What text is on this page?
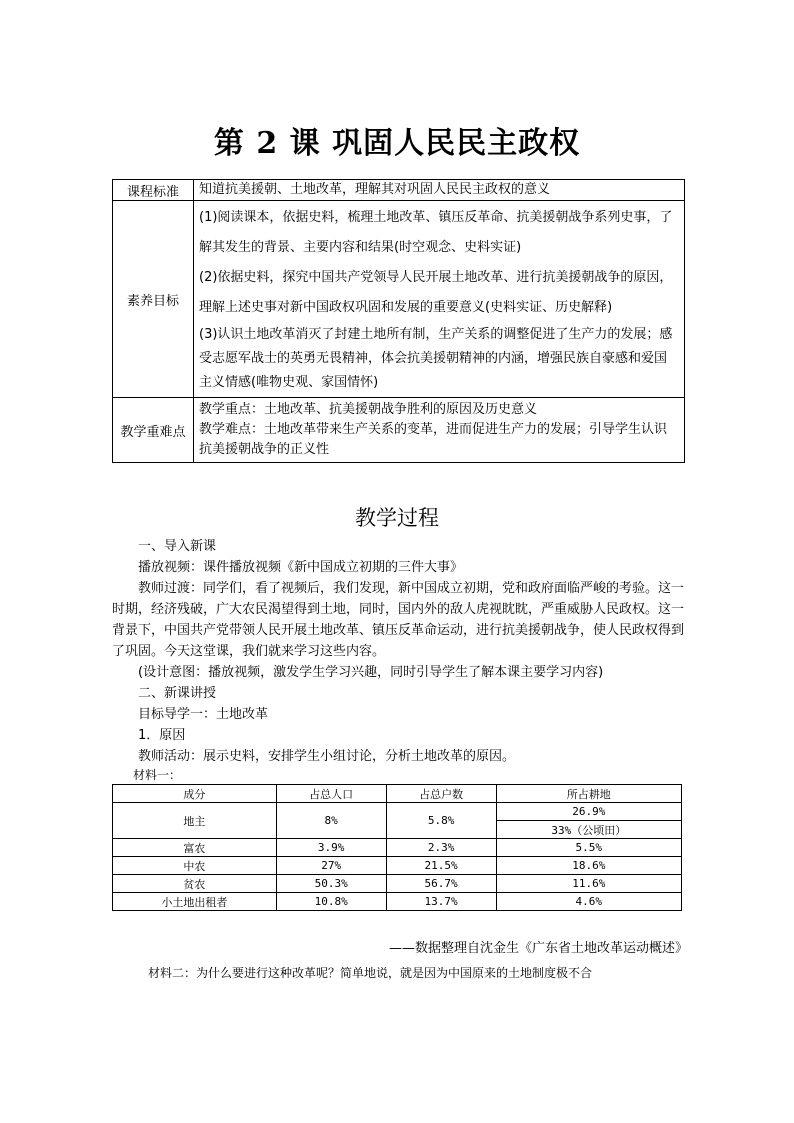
第 2 课 巩固人民民主政权
课程标准	知道抗美援朝、土地改革，理解其对巩固人民民主政权的意义
素养目标	(1)阅读课本，依据史料，梳理土地改革、镇压反革命、抗美援朝战争系列史事，了解其发生的背景、主要内容和结果(时空观念、史料实证)

(2)依据史料，探究中国共产党领导人民开展土地改革、进行抗美援朝战争的原因，理解上述史事对新中国政权巩固和发展的重要意义(史料实证、历史解释)

(3)认识土地改革消灭了封建土地所有制，生产关系的调整促进了生产力的发展；感受志愿军战士的英勇无畏精神，体会抗美援朝精神的内涵，增强民族自豪感和爱国主义情感(唯物史观、家国情怀)

教学重难点	教学重点：土地改革、抗美援朝战争胜利的原因及历史意义

教学难点：土地改革带来生产关系的变革，进而促进生产力的发展；引导学生认识抗美援朝战争的正义性

教学过程

一、导入新课

播放视频：课件播放视频《新中国成立初期的三件大事》

教师过渡：同学们，看了视频后，我们发现，新中国成立初期，党和政府面临严峻的考验。这一时期，经济残破，广大农民渴望得到土地，同时，国内外的敌人虎视眈眈，严重威胁人民政权。这一背景下，中国共产党带领人民开展土地改革、镇压反革命运动，进行抗美援朝战争，使人民政权得到了巩固。今天这堂课，我们就来学习这些内容。

(设计意图：播放视频，激发学生学习兴趣，同时引导学生了解本课主要学习内容)

二、新课讲授

目标导学一：土地改革

1．原因

教师活动：展示史料，安排学生小组讨论，分析土地改革的原因。

材料一：
成分	占总人口	占总户数	所占耕地
地主	8%	5.8%	26.9%
			33%（公顷田）
富农	3.9%	2.3%	5.5%
中农	27%	21.5%	18.6%
贫农	50.3%	56.7%	11.6%
小土地出租者	10.8%	13.7%	4.6%
——数据整理自沈金生《广东省土地改革运动概述》
材料二：为什么要进行这种改革呢？简单地说，就是因为中国原来的土地制度极不合
